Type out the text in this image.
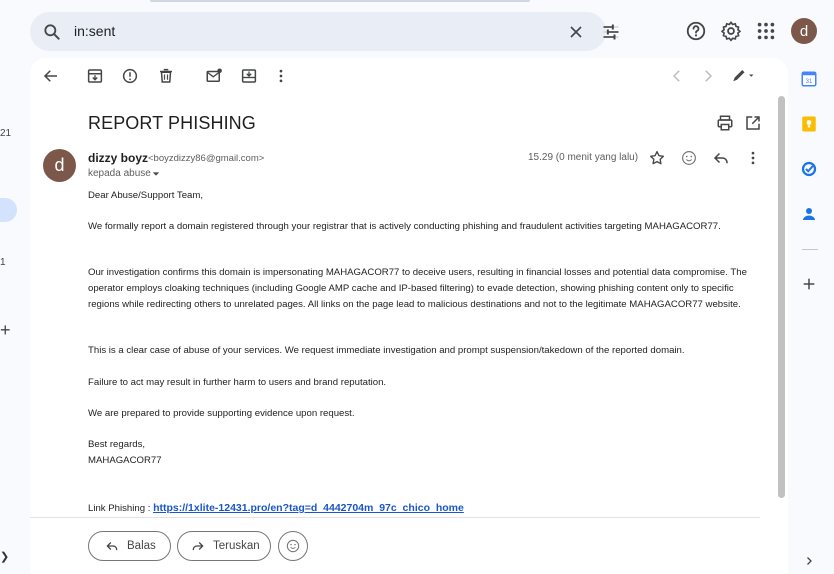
21
1
+
❯
in:sent
d
REPORT PHISHING
d	dizzy boyz <boyzdizzy86@gmail.com>
kepada abuse
15.29 (0 menit yang lalu)
Dear Abuse/Support Team,
We formally report a domain registered through your registrar that is actively conducting phishing and fraudulent activities targeting MAHAGACOR77.
Our investigation confirms this domain is impersonating MAHAGACOR77 to deceive users, resulting in financial losses and potential data compromise. The operator employs cloaking techniques (including Google AMP cache and IP-based filtering) to evade detection, showing phishing content only to specific regions while redirecting others to unrelated pages. All links on the page lead to malicious destinations and not to the legitimate MAHAGACOR77 website.
This is a clear case of abuse of your services. We request immediate investigation and prompt suspension/takedown of the reported domain.
Failure to act may result in further harm to users and brand reputation.
We are prepared to provide supporting evidence upon request.
Best regards,
MAHAGACOR77
Link Phishing : https://1xlite-12431.pro/en?tag=d_4442704m_97c_chico_home
Balas	Teruskan
31
